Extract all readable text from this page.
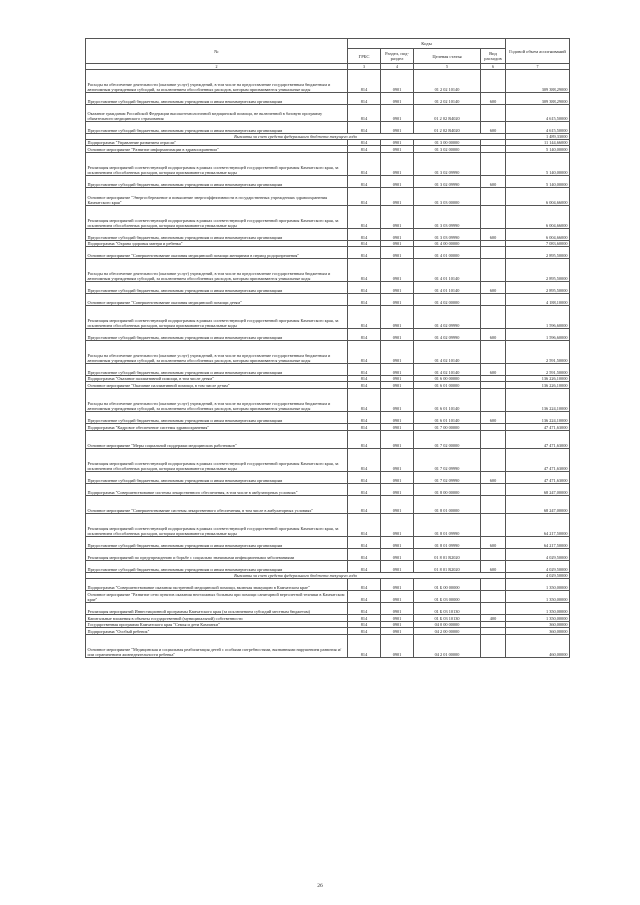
№	Коды				Годовой объем ассигнований
	ГРБС	Раздел, под-раздел	Целевая статья	Вид расходов	
2	3	4	5	6	7
Расходы на обеспечение деятельности (оказание услуг) учреждений, в том числе на предоставление государственным бюджетным и автономным учреждениям субсидий, за исключением обособленных расходов, которым присваиваются уникальные коды	814	0901	01 2 02 10140		309 388,29000
Предоставление субсидий бюджетным, автономным учреждениям и иным некоммерческим организациям	814	0901	01 2 02 10140	600	309 388,29000
Оказание гражданам Российской Федерации высокотехнологичной медицинской помощи, не включенной в базовую программу обязательного медицинского страхования	814	0901	01 2 02 R4020		4 615,50000
Предоставление субсидий бюджетным, автономным учреждениям и иным некоммерческим организациям	814	0901	01 2 02 R4020	600	4 615,50000
Выплаты за счет средств федерального бюджета текущего года					1 489,33000
Подпрограмма "Управление развитием отрасли"	814	0901	01 3 00 00000		11 144,66000
Основное мероприятие "Развитие информатизации в здравоохранении"	814	0901	01 3 02 00000		5 140,00000
Реализация мероприятий соответствующей подпрограммы в рамках соответствующей государственной программы Камчатского края, за исключением обособленных расходов, которым присваиваются уникальные коды	814	0901	01 3 02 09990		5 140,00000
Предоставление субсидий бюджетным, автономным учреждениям и иным некоммерческим организациям	814	0901	01 3 02 09990	600	5 140,00000
Основное мероприятие "Энергосбережение и повышение энергоэффективности в государственных учреждениях здравоохранения Камчатского края"	814	0901	01 3 03 00000		6 004,66000
Реализация мероприятий соответствующей подпрограммы в рамках соответствующей государственной программы Камчатского края, за исключением обособленных расходов, которым присваиваются уникальные коды	814	0901	01 3 03 09990		6 004,66000
Предоставление субсидий бюджетным, автономным учреждениям и иным некоммерческим организациям	814	0901	01 3 03 09990	600	6 004,66000
Подпрограмма "Охрана здоровья матери и ребенка"	814	0901	01 4 00 00000		7 083,60000
Основное мероприятие "Совершенствование оказания медицинской помощи женщинам в период родоразрешения"	814	0901	01 4 01 00000		2 895,50000
Расходы на обеспечение деятельности (оказание услуг) учреждений, в том числе на предоставление государственным бюджетным и автономным учреждениям субсидий, за исключением обособленных расходов, которым присваиваются уникальные коды	814	0901	01 4 01 10140		2 895,50000
Предоставление субсидий бюджетным, автономным учреждениям и иным некоммерческим организациям	814	0901	01 4 01 10140	600	2 895,50000
Основное мероприятие "Совершенствование оказания медицинской помощи детям"	814	0901	01 4 02 00000		4 188,10000
Реализация мероприятий соответствующей подпрограммы в рамках соответствующей государственной программы Камчатского края, за исключением обособленных расходов, которым присваиваются уникальные коды	814	0901	01 4 02 09990		1 596,60000
Предоставление субсидий бюджетным, автономным учреждениям и иным некоммерческим организациям	814	0901	01 4 02 09990	600	1 596,60000
Расходы на обеспечение деятельности (оказание услуг) учреждений, в том числе на предоставление государственным бюджетным и автономным учреждениям субсидий, за исключением обособленных расходов, которым присваиваются уникальные коды	814	0901	01 4 02 10140		2 591,50000
Предоставление субсидий бюджетным, автономным учреждениям и иным некоммерческим организациям	814	0901	01 4 02 10140	600	2 591,50000
Подпрограмма "Оказание паллиативной помощи, в том числе детям"	814	0901	01 6 00 00000		136 226,10000
Основное мероприятие "Оказание паллиативной помощи, в том числе детям"	814	0901	01 6 01 00000		136 226,10000
Расходы на обеспечение деятельности (оказание услуг) учреждений, в том числе на предоставление государственным бюджетным и автономным учреждениям субсидий, за исключением обособленных расходов, которым присваиваются уникальные коды	814	0901	01 6 01 10140		136 224,10000
Предоставление субсидий бюджетным, автономным учреждениям и иным некоммерческим организациям	814	0901	01 6 01 10140	600	136 224,10000
Подпрограмма "Кадровое обеспечение системы здравоохранения"	814	0901	01 7 00 00000		47 471,63000
Основное мероприятие "Меры социальной поддержки медицинских работников"	814	0901	01 7 02 00000		47 471,63000
Реализация мероприятий соответствующей подпрограммы в рамках соответствующей государственной программы Камчатского края, за исключением обособленных расходов, которым присваиваются уникальные коды	814	0901	01 7 02 09990		47 471,63000
Предоставление субсидий бюджетным, автономным учреждениям и иным некоммерческим организациям	814	0901	01 7 02 09990	600	47 471,63000
Подпрограмма "Совершенствование системы лекарственного обеспечения, в том числе в амбулаторных условиях"	814	0901	01 8 00 00000		68 247,00000
Основное мероприятие "Совершенствование системы лекарственного обеспечения, в том числе в амбулаторных условиях"	814	0901	01 8 01 00000		68 247,00000
Реализация мероприятий соответствующей подпрограммы в рамках соответствующей государственной программы Камчатского края, за исключением обособленных расходов, которым присваиваются уникальные коды	814	0901	01 8 01 09990		64 217,50000
Предоставление субсидий бюджетным, автономным учреждениям и иным некоммерческим организациям	814	0901	01 8 01 09990	600	64 217,50000
Реализация мероприятий по предупреждению и борьбе с социально значимыми инфекционными заболеваниями	814	0901	01 8 01 R2020		4 029,50000
Предоставление субсидий бюджетным, автономным учреждениям и иным некоммерческим организациям	814	0901	01 8 01 R2020	600	4 029,50000
Выплаты за счет средств федерального бюджета текущего года					4 029,50000
Подпрограмма "Совершенствование оказания экстренной медицинской помощи, включая эвакуацию в Камчатском крае"	814	0901	01 Б 00 00000		1 350,00000
Основное мероприятие "Развитие сети пунктов оказания неотложных больным при помощи санитарной вертолетной техники в Камчатском крае"	814	0901	01 Б 03 00000		1 350,00000
Реализация мероприятий Инвестиционной программы Камчатского края (за исключением субсидий местным бюджетам)	814	0901	01 Б 03 10130		1 350,00000
Капитальные вложения в объекты государственной (муниципальной) собственности	814	0901	01 Б 03 10130	400	1 350,00000
Государственная программа Камчатского края "Семья и дети Камчатки"	814	0901	04 0 00 00000		360,00000
Подпрограмма "Особый ребенок"	814	0901	04 2 00 00000		360,00000
Основное мероприятие "Медицинская и социальная реабилитация детей с особыми потребностями, вызванными нарушением развития и/или ограничением жизнедеятельности ребенка"	814	0901	04 2 01 00000		460,00000
26
